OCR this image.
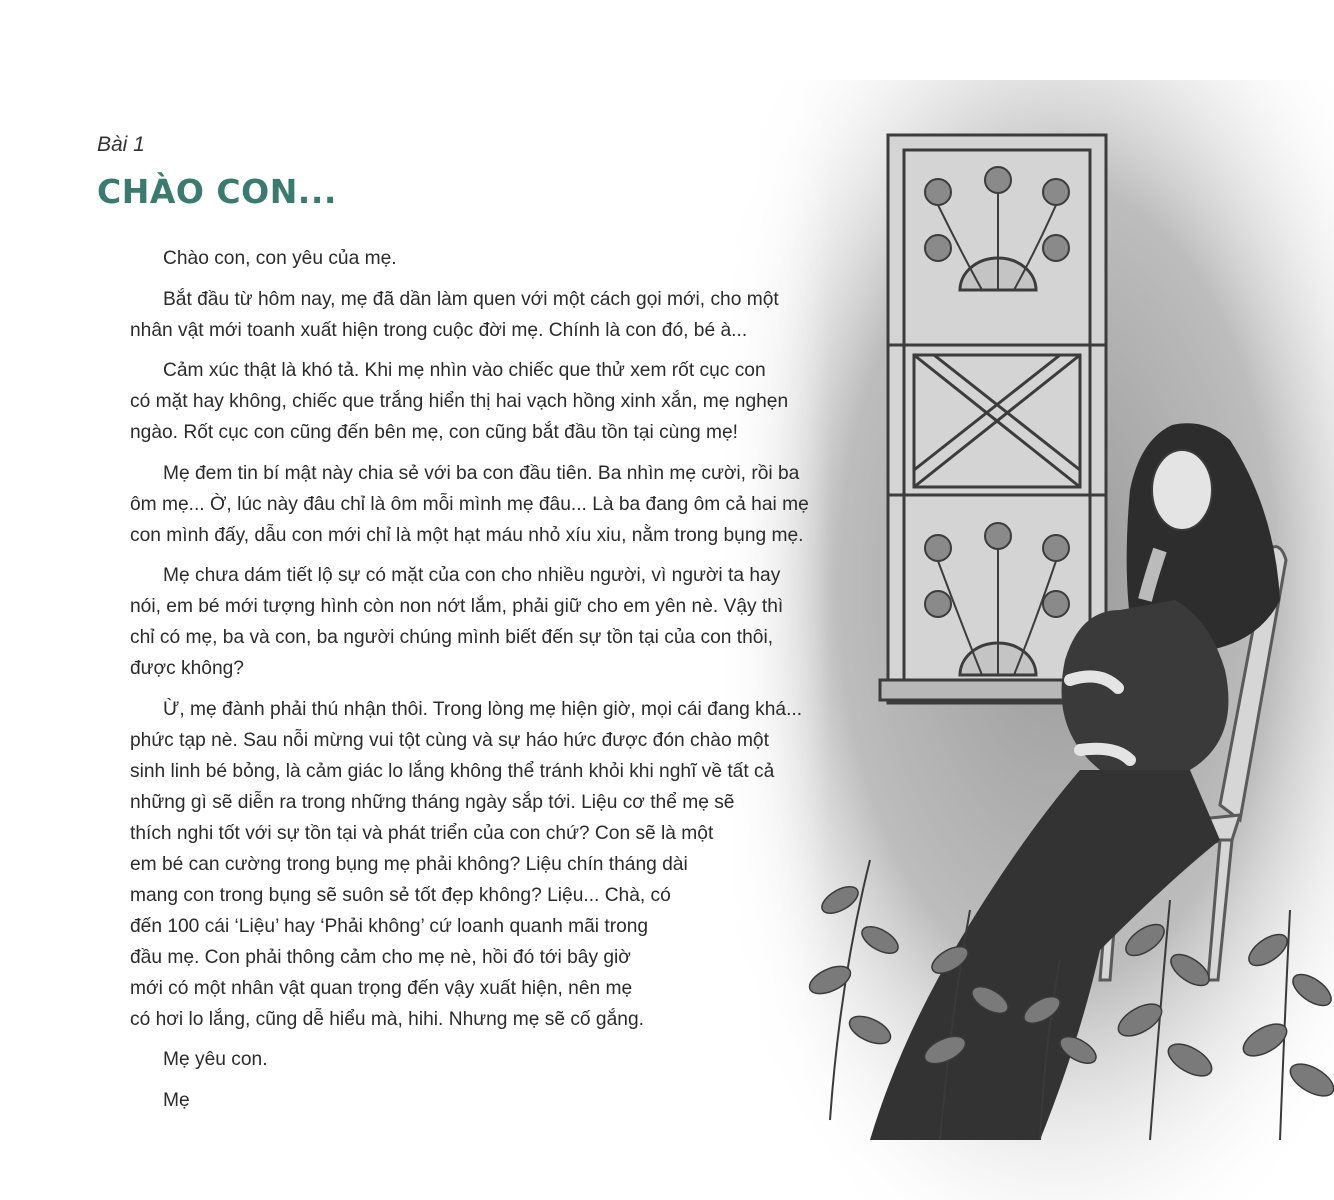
Bài 1
CHÀO CON...

Chào con, con yêu của mẹ.

Bắt đầu từ hôm nay, mẹ đã dần làm quen với một cách gọi mới, cho một
nhân vật mới toanh xuất hiện trong cuộc đời mẹ. Chính là con đó, bé à...

Cảm xúc thật là khó tả. Khi mẹ nhìn vào chiếc que thử xem rốt cục con
có mặt hay không, chiếc que trắng hiển thị hai vạch hồng xinh xắn, mẹ nghẹn
ngào. Rốt cục con cũng đến bên mẹ, con cũng bắt đầu tồn tại cùng mẹ!

Mẹ đem tin bí mật này chia sẻ với ba con đầu tiên. Ba nhìn mẹ cười, rồi ba
ôm mẹ... Ờ, lúc này đâu chỉ là ôm mỗi mình mẹ đâu... Là ba đang ôm cả hai mẹ
con mình đấy, dẫu con mới chỉ là một hạt máu nhỏ xíu xiu, nằm trong bụng mẹ.

Mẹ chưa dám tiết lộ sự có mặt của con cho nhiều người, vì người ta hay
nói, em bé mới tượng hình còn non nớt lắm, phải giữ cho em yên nè. Vậy thì
chỉ có mẹ, ba và con, ba người chúng mình biết đến sự tồn tại của con thôi,
được không?

Ừ, mẹ đành phải thú nhận thôi. Trong lòng mẹ hiện giờ, mọi cái đang khá...
phức tạp nè. Sau nỗi mừng vui tột cùng và sự háo hức được đón chào một
sinh linh bé bỏng, là cảm giác lo lắng không thể tránh khỏi khi nghĩ về tất cả
những gì sẽ diễn ra trong những tháng ngày sắp tới. Liệu cơ thể mẹ sẽ
thích nghi tốt với sự tồn tại và phát triển của con chứ? Con sẽ là một
em bé can cường trong bụng mẹ phải không? Liệu chín tháng dài
mang con trong bụng sẽ suôn sẻ tốt đẹp không? Liệu... Chà, có
đến 100 cái ‘Liệu’ hay ‘Phải không’ cứ loanh quanh mãi trong
đầu mẹ. Con phải thông cảm cho mẹ nè, hồi đó tới bây giờ
mới có một nhân vật quan trọng đến vậy xuất hiện, nên mẹ
có hơi lo lắng, cũng dễ hiểu mà, hihi. Nhưng mẹ sẽ cố gắng.

Mẹ yêu con.

Mẹ
